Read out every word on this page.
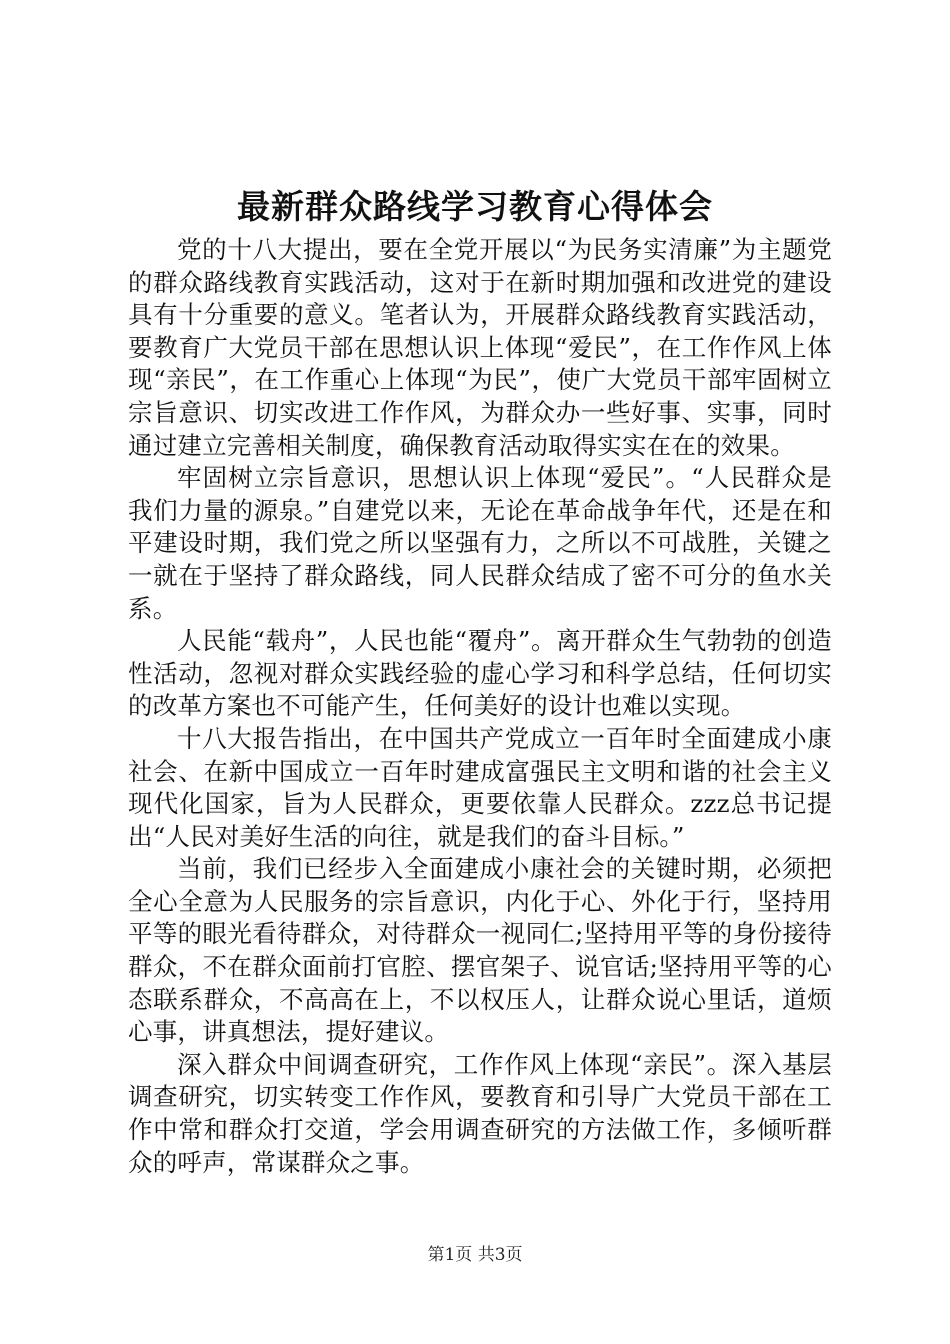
最新群众路线学习教育心得体会

党的十八大提出，要在全党开展以“为民务实清廉”为主题党的群众路线教育实践活动，这对于在新时期加强和改进党的建设具有十分重要的意义。笔者认为，开展群众路线教育实践活动，要教育广大党员干部在思想认识上体现“爱民”，在工作作风上体现“亲民”，在工作重心上体现“为民”，使广大党员干部牢固树立宗旨意识、切实改进工作作风，为群众办一些好事、实事，同时通过建立完善相关制度，确保教育活动取得实实在在的效果。

牢固树立宗旨意识，思想认识上体现“爱民”。“人民群众是我们力量的源泉。”自建党以来，无论在革命战争年代，还是在和平建设时期，我们党之所以坚强有力，之所以不可战胜，关键之一就在于坚持了群众路线，同人民群众结成了密不可分的鱼水关系。

人民能“载舟”，人民也能“覆舟”。离开群众生气勃勃的创造性活动，忽视对群众实践经验的虚心学习和科学总结，任何切实的改革方案也不可能产生，任何美好的设计也难以实现。

十八大报告指出，在中国共产党成立一百年时全面建成小康社会、在新中国成立一百年时建成富强民主文明和谐的社会主义现代化国家，旨为人民群众，更要依靠人民群众。zzz总书记提出“人民对美好生活的向往，就是我们的奋斗目标。”

当前，我们已经步入全面建成小康社会的关键时期，必须把全心全意为人民服务的宗旨意识，内化于心、外化于行，坚持用平等的眼光看待群众，对待群众一视同仁;坚持用平等的身份接待群众，不在群众面前打官腔、摆官架子、说官话;坚持用平等的心态联系群众，不高高在上，不以权压人，让群众说心里话，道烦心事，讲真想法，提好建议。

深入群众中间调查研究，工作作风上体现“亲民”。深入基层调查研究，切实转变工作作风，要教育和引导广大党员干部在工作中常和群众打交道，学会用调查研究的方法做工作，多倾听群众的呼声，常谋群众之事。

第1页 共3页
